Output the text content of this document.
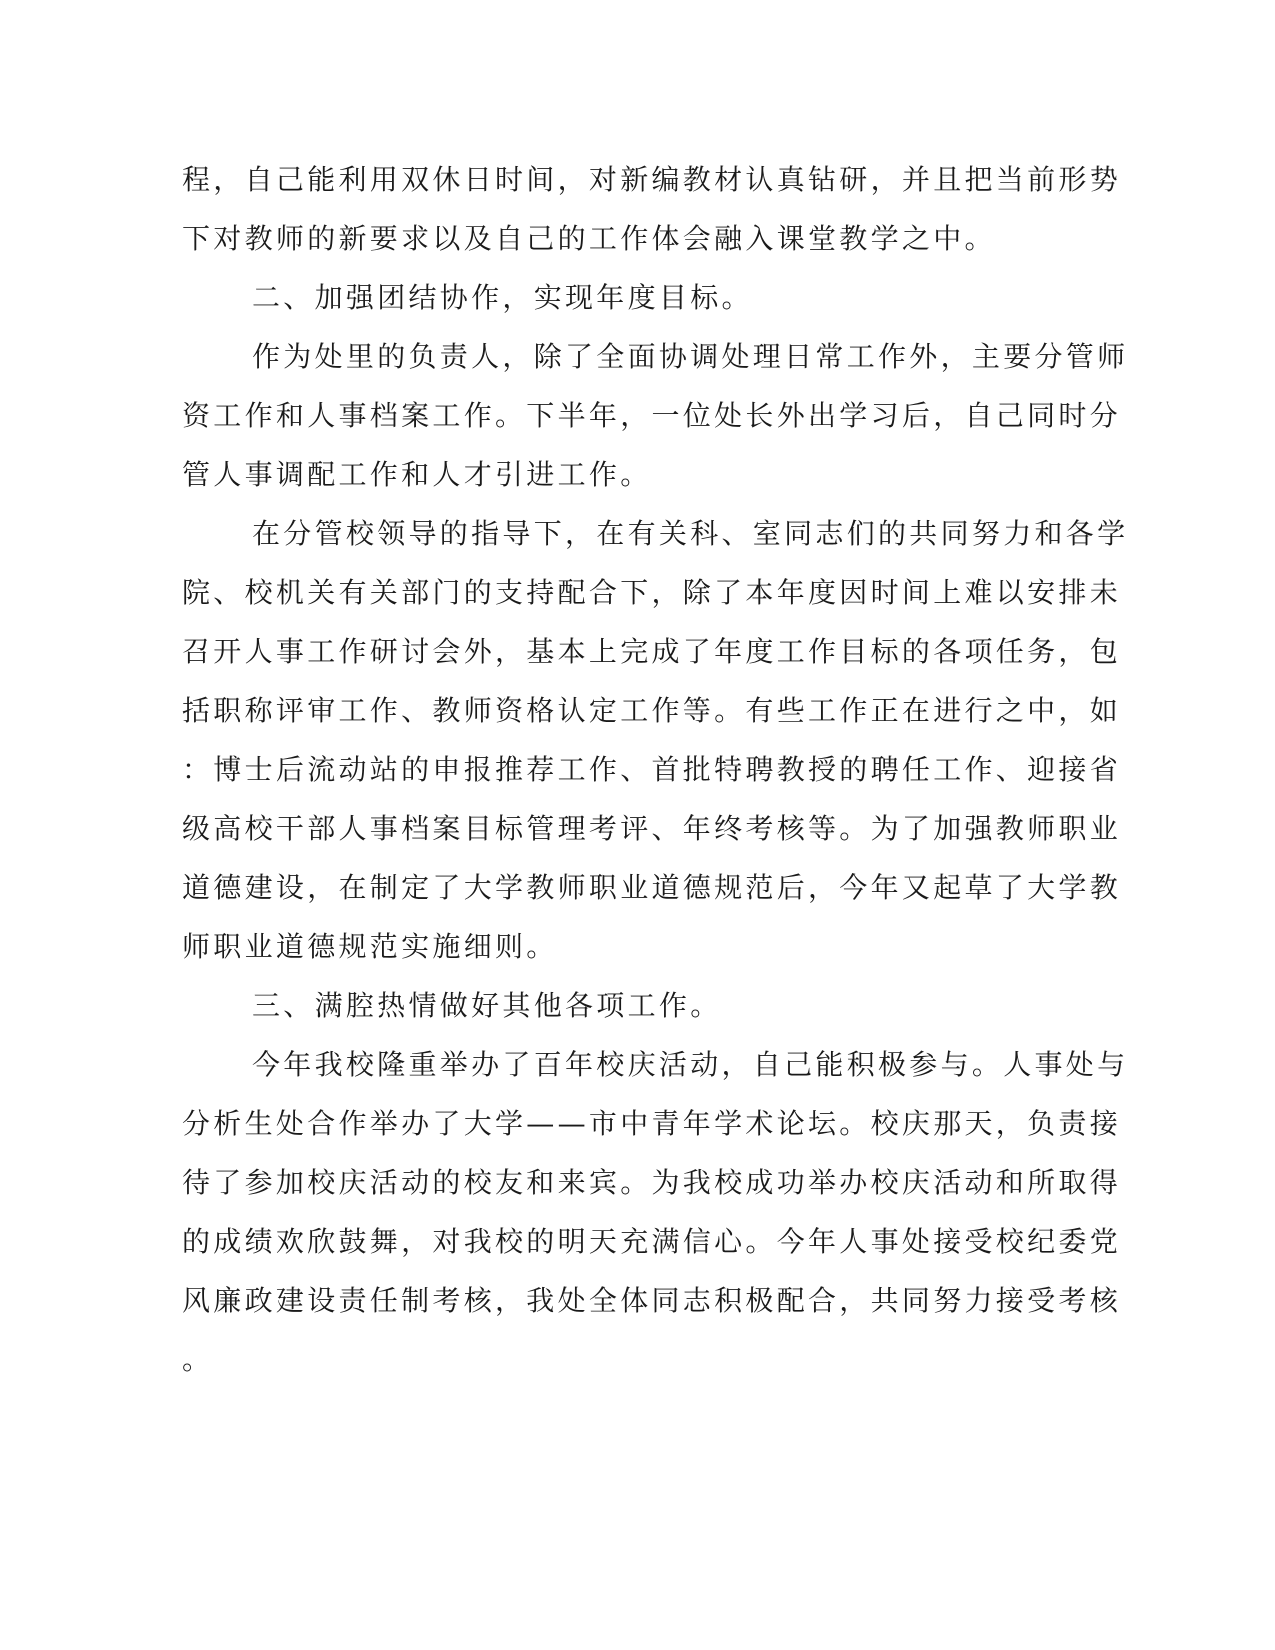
程，自己能利用双休日时间，对新编教材认真钻研，并且把当前形势
下对教师的新要求以及自己的工作体会融入课堂教学之中。
二、加强团结协作，实现年度目标。
作为处里的负责人，除了全面协调处理日常工作外，主要分管师
资工作和人事档案工作。下半年，一位处长外出学习后，自己同时分
管人事调配工作和人才引进工作。
在分管校领导的指导下，在有关科、室同志们的共同努力和各学
院、校机关有关部门的支持配合下，除了本年度因时间上难以安排未
召开人事工作研讨会外，基本上完成了年度工作目标的各项任务，包
括职称评审工作、教师资格认定工作等。有些工作正在进行之中，如
：博士后流动站的申报推荐工作、首批特聘教授的聘任工作、迎接省
级高校干部人事档案目标管理考评、年终考核等。为了加强教师职业
道德建设，在制定了大学教师职业道德规范后，今年又起草了大学教
师职业道德规范实施细则。
三、满腔热情做好其他各项工作。
今年我校隆重举办了百年校庆活动，自己能积极参与。人事处与
分析生处合作举办了大学——市中青年学术论坛。校庆那天，负责接
待了参加校庆活动的校友和来宾。为我校成功举办校庆活动和所取得
的成绩欢欣鼓舞，对我校的明天充满信心。今年人事处接受校纪委党
风廉政建设责任制考核，我处全体同志积极配合，共同努力接受考核
。
